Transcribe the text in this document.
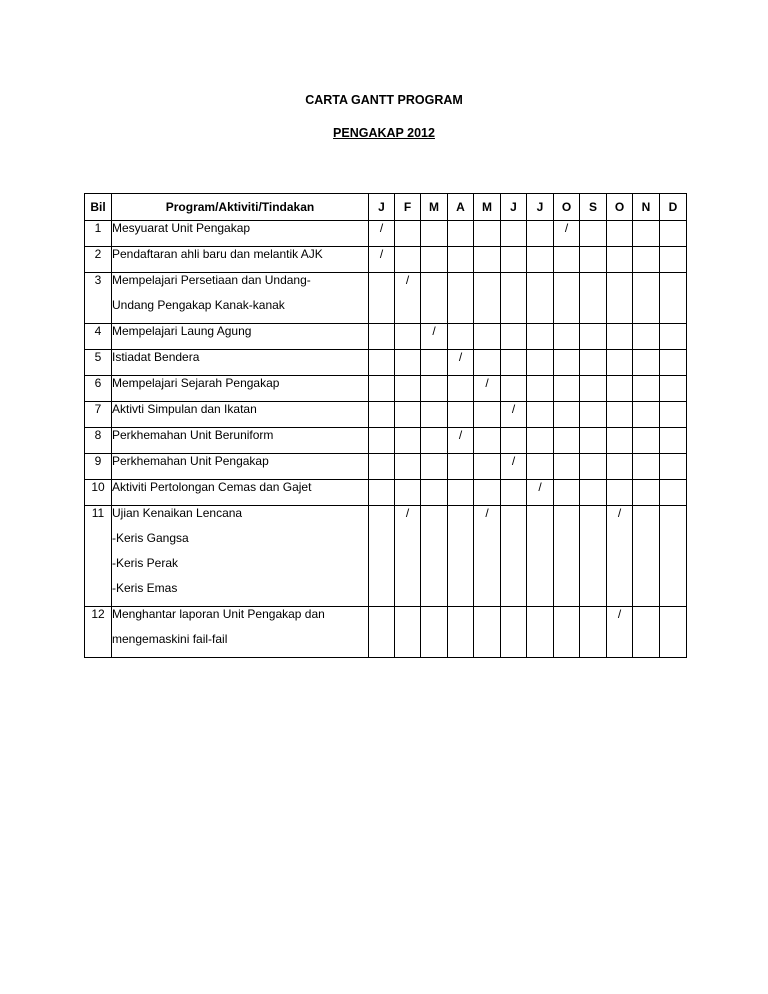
CARTA GANTT PROGRAM
PENGAKAP 2012
Bil	Program/Aktiviti/Tindakan	J	F	M	A	M	J	J	O	S	O	N	D
1	Mesyuarat Unit Pengakap	/							/				
2	Pendaftaran ahli baru dan melantik AJK	/											
3	Mempelajari Persetiaan dan Undang-
Undang Pengakap Kanak-kanak		/										
4	Mempelajari Laung Agung			/									
5	Istiadat Bendera				/								
6	Mempelajari Sejarah Pengakap					/							
7	Aktivti Simpulan dan Ikatan						/						
8	Perkhemahan Unit Beruniform				/								
9	Perkhemahan Unit Pengakap						/						
10	Aktiviti Pertolongan Cemas dan Gajet							/					
11	Ujian Kenaikan Lencana
-Keris Gangsa
-Keris Perak
-Keris Emas		/			/					/		
12	Menghantar laporan Unit Pengakap dan
mengemaskini fail-fail										/		
